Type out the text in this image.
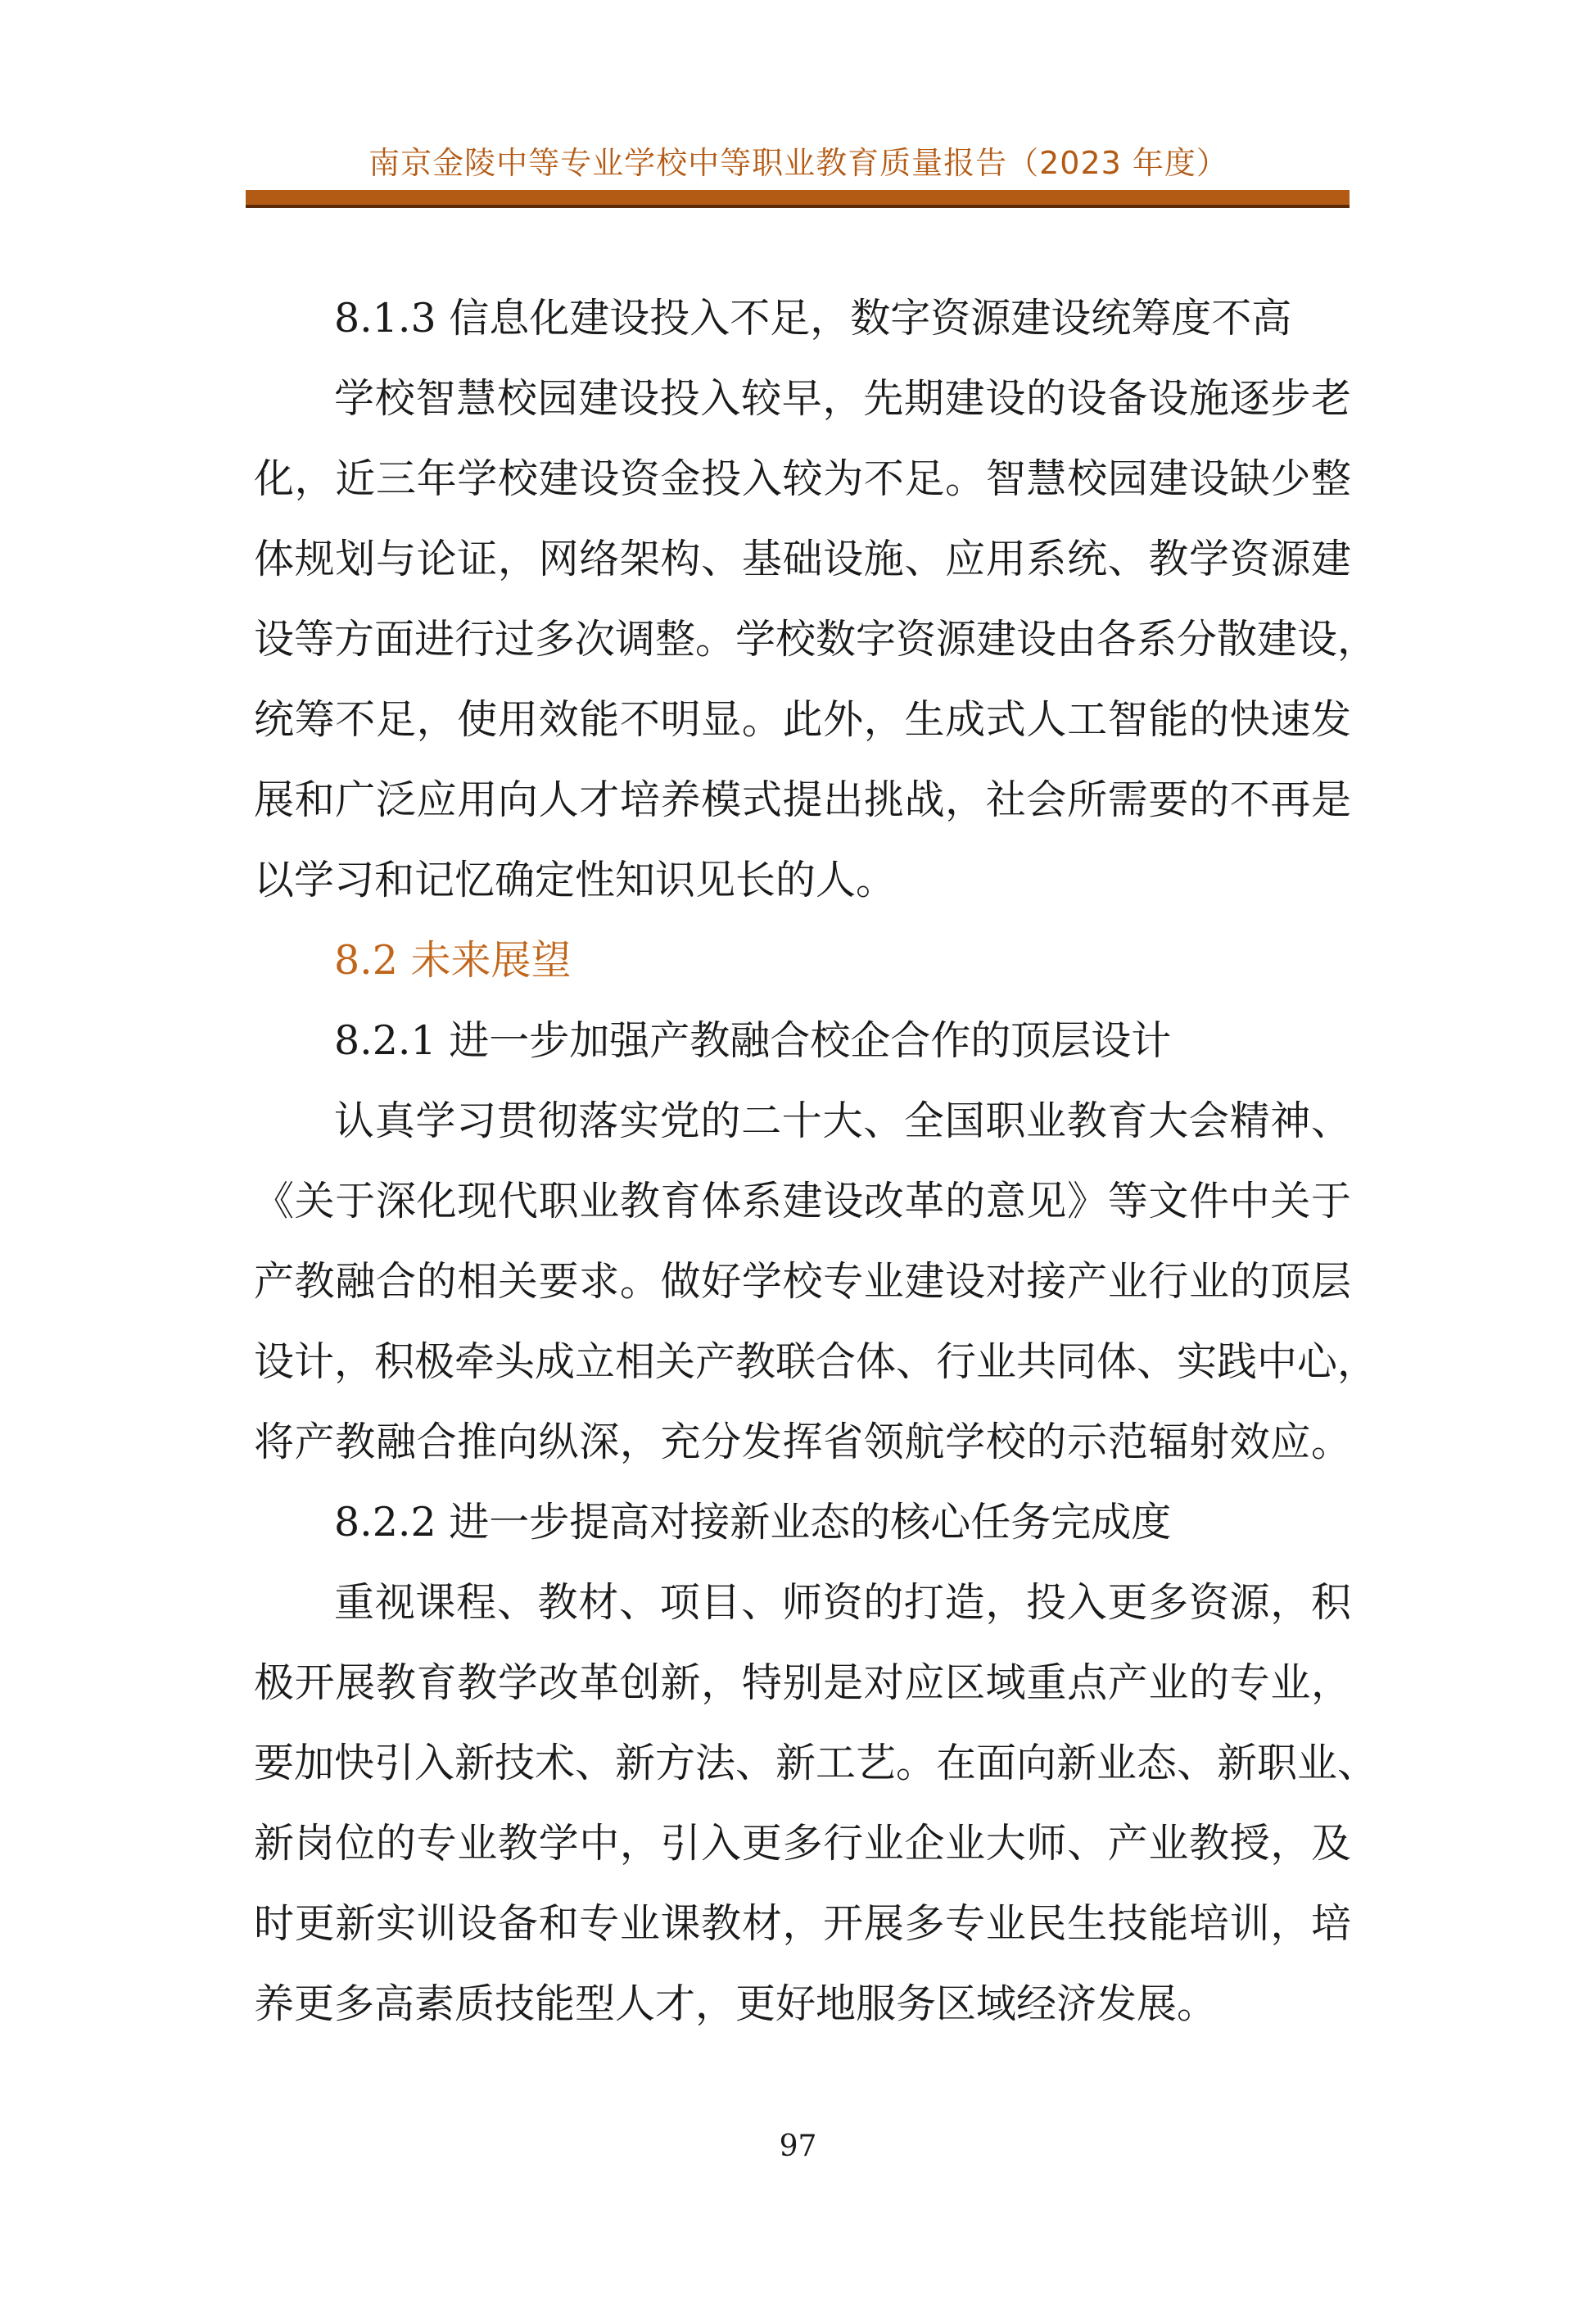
南京金陵中等专业学校中等职业教育质量报告（2023 年度）
8.1.3 信息化建设投入不足，数字资源建设统筹度不高
学校智慧校园建设投入较早，先期建设的设备设施逐步老
化，近三年学校建设资金投入较为不足。智慧校园建设缺少整
体规划与论证，网络架构、基础设施、应用系统、教学资源建
设等方面进行过多次调整。学校数字资源建设由各系分散建设，
统筹不足，使用效能不明显。此外，生成式人工智能的快速发
展和广泛应用向人才培养模式提出挑战，社会所需要的不再是
以学习和记忆确定性知识见长的人。
8.2 未来展望
8.2.1 进一步加强产教融合校企合作的顶层设计
认真学习贯彻落实党的二十大、全国职业教育大会精神、
《关于深化现代职业教育体系建设改革的意见》等文件中关于
产教融合的相关要求。做好学校专业建设对接产业行业的顶层
设计，积极牵头成立相关产教联合体、行业共同体、实践中心，
将产教融合推向纵深，充分发挥省领航学校的示范辐射效应。
8.2.2 进一步提高对接新业态的核心任务完成度
重视课程、教材、项目、师资的打造，投入更多资源，积
极开展教育教学改革创新，特别是对应区域重点产业的专业，
要加快引入新技术、新方法、新工艺。在面向新业态、新职业、
新岗位的专业教学中，引入更多行业企业大师、产业教授，及
时更新实训设备和专业课教材，开展多专业民生技能培训，培
养更多高素质技能型人才，更好地服务区域经济发展。
97
